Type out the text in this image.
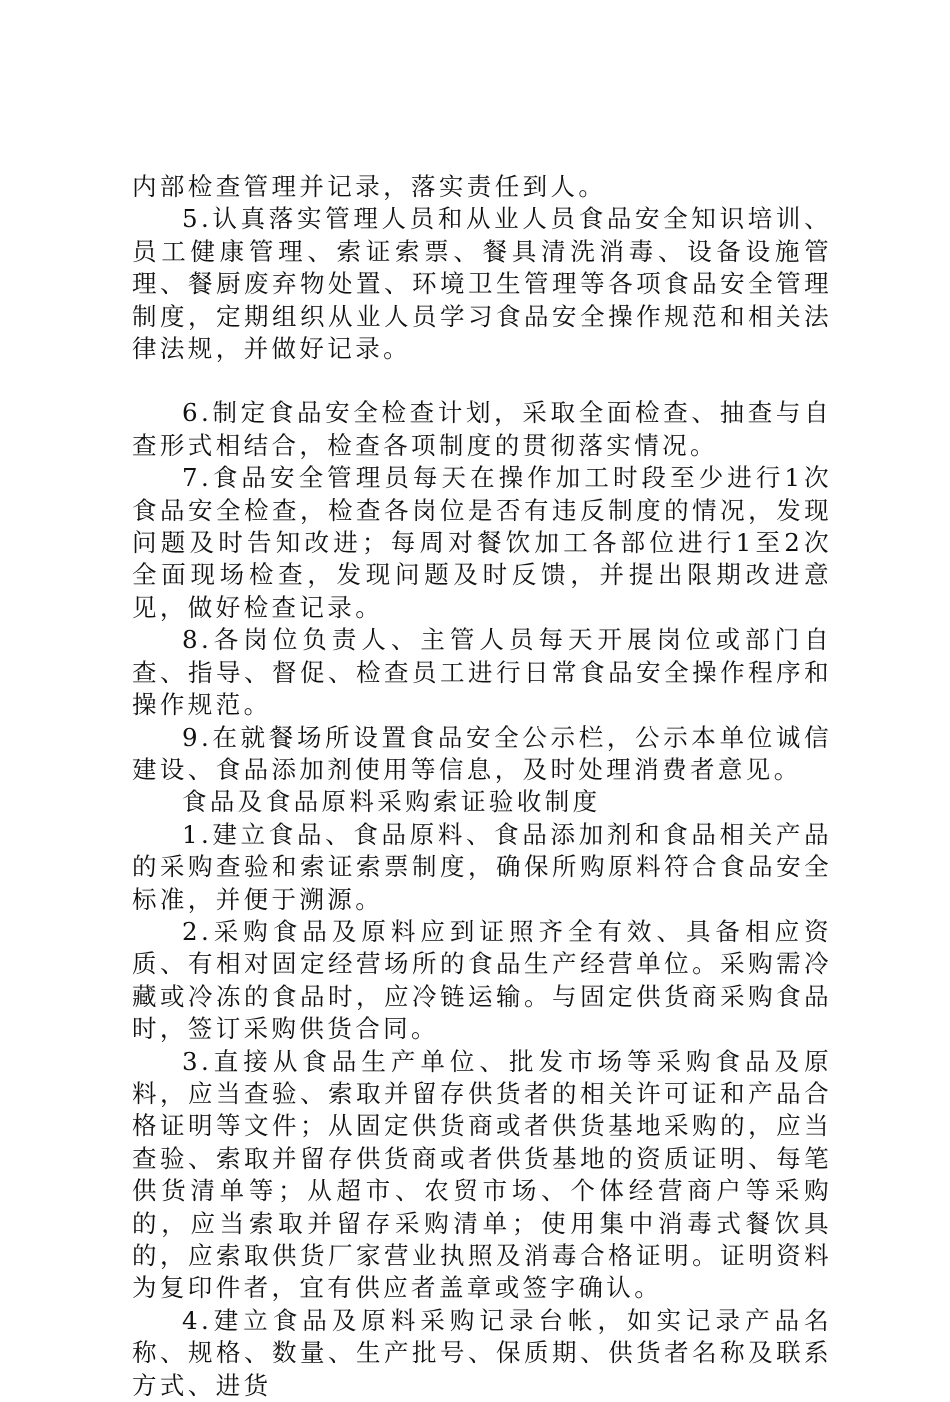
内部检查管理并记录，落实责任到人。

5.认真落实管理人员和从业人员食品安全知识培训、员工健康管理、索证索票、餐具清洗消毒、设备设施管理、餐厨废弃物处置、环境卫生管理等各项食品安全管理制度，定期组织从业人员学习食品安全操作规范和相关法律法规，并做好记录。

6.制定食品安全检查计划，采取全面检查、抽查与自查形式相结合，检查各项制度的贯彻落实情况。

7.食品安全管理员每天在操作加工时段至少进行1次食品安全检查，检查各岗位是否有违反制度的情况，发现问题及时告知改进；每周对餐饮加工各部位进行1至2次全面现场检查，发现问题及时反馈，并提出限期改进意见，做好检查记录。

8.各岗位负责人、主管人员每天开展岗位或部门自查、指导、督促、检查员工进行日常食品安全操作程序和操作规范。

9.在就餐场所设置食品安全公示栏，公示本单位诚信建设、食品添加剂使用等信息，及时处理消费者意见。

食品及食品原料采购索证验收制度

1.建立食品、食品原料、食品添加剂和食品相关产品的采购查验和索证索票制度，确保所购原料符合食品安全标准，并便于溯源。

2.采购食品及原料应到证照齐全有效、具备相应资质、有相对固定经营场所的食品生产经营单位。采购需冷藏或冷冻的食品时，应冷链运输。与固定供货商采购食品时，签订采购供货合同。

3.直接从食品生产单位、批发市场等采购食品及原料，应当查验、索取并留存供货者的相关许可证和产品合格证明等文件；从固定供货商或者供货基地采购的，应当查验、索取并留存供货商或者供货基地的资质证明、每笔供货清单等；从超市、农贸市场、个体经营商户等采购的，应当索取并留存采购清单；使用集中消毒式餐饮具的，应索取供货厂家营业执照及消毒合格证明。证明资料为复印件者，宜有供应者盖章或签字确认。

4.建立食品及原料采购记录台帐，如实记录产品名称、规格、数量、生产批号、保质期、供货者名称及联系方式、进货
